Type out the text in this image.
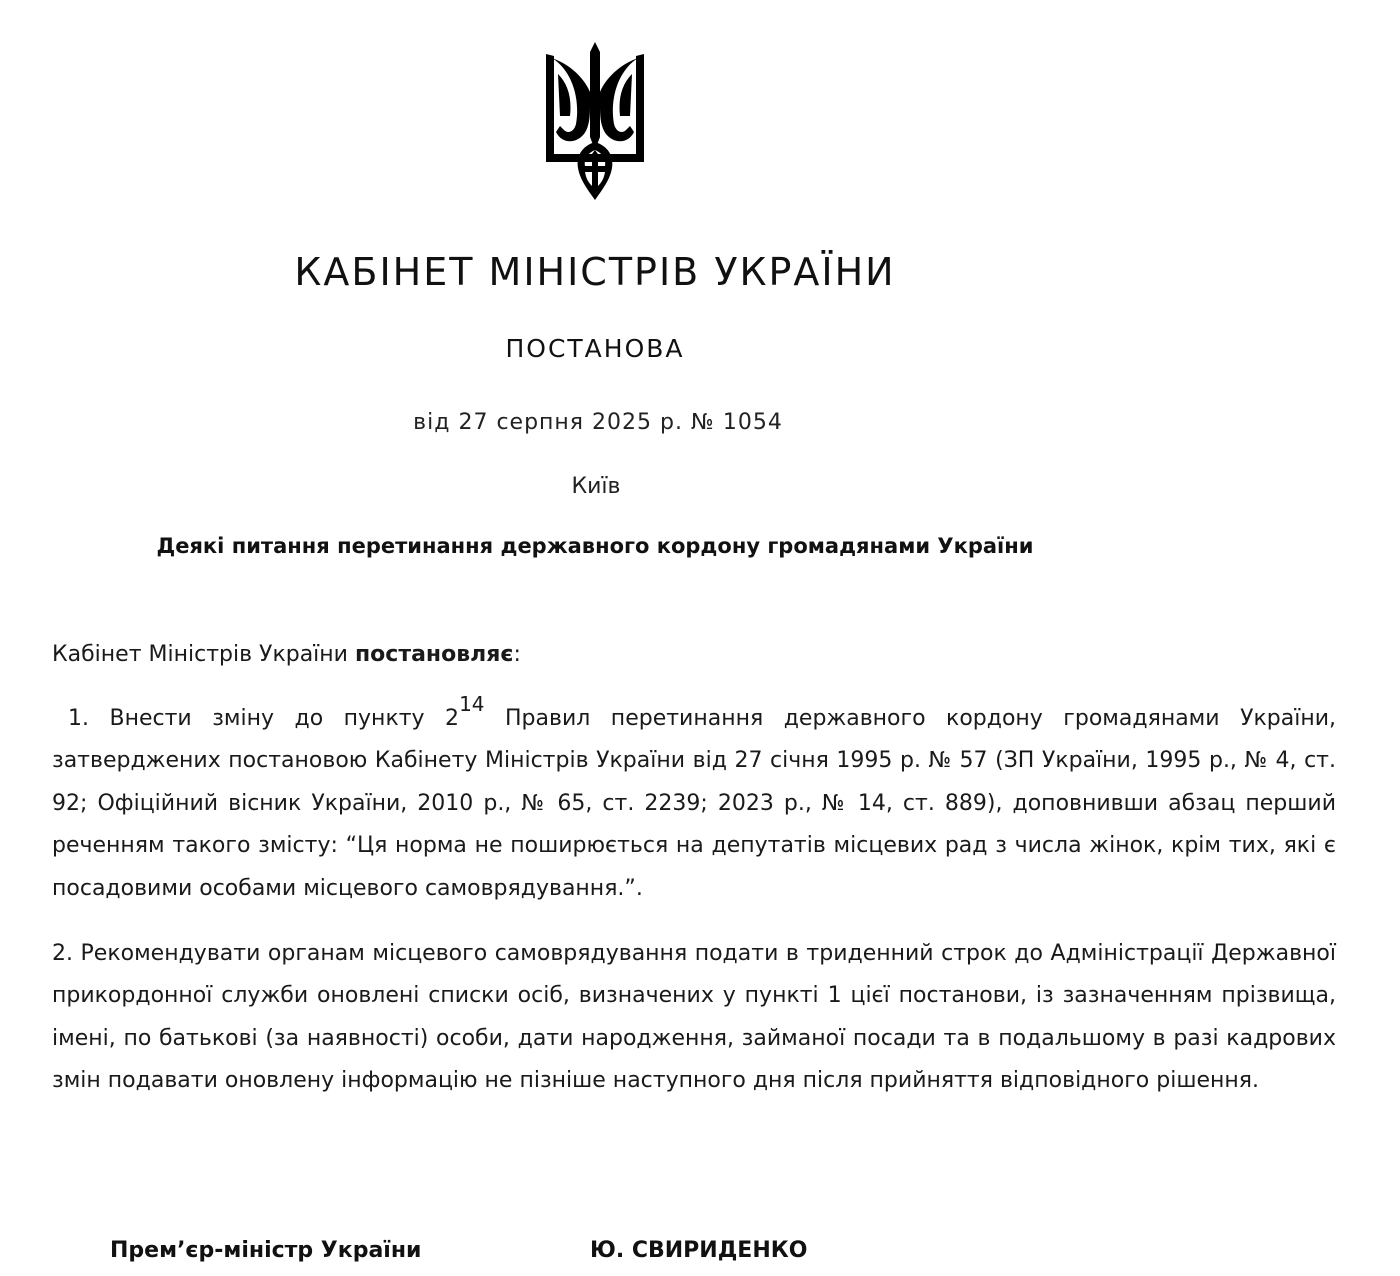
КАБІНЕТ МІНІСТРІВ УКРАЇНИ
ПОСТАНОВА
від 27 серпня 2025 р. № 1054
Київ
Деякі питання перетинання державного кордону громадянами України
Кабінет Міністрів України постановляє:
1. Внести зміну до пункту $2^{14}$ Правил перетинання державного кордону громадянами України, затверджених постановою Кабінету Міністрів України від 27 січня 1995 р. № 57 (ЗП України, 1995 р., № 4, ст. 92; Офіційний вісник України, 2010 р., № 65, ст. 2239; 2023 р., № 14, ст. 889), доповнивши абзац перший реченням такого змісту: “Ця норма не поширюється на депутатів місцевих рад з числа жінок, крім тих, які є посадовими особами місцевого самоврядування.”.
2. Рекомендувати органам місцевого самоврядування подати в триденний строк до Адміністрації Державної прикордонної служби оновлені списки осіб, визначених у пункті 1 цієї постанови, із зазначенням прізвища, імені, по батькові (за наявності) особи, дати народження, займаної посади та в подальшому в разі кадрових змін подавати оновлену інформацію не пізніше наступного дня після прийняття відповідного рішення.
Прем’єр-міністр України	Ю. СВИРИДЕНКО
